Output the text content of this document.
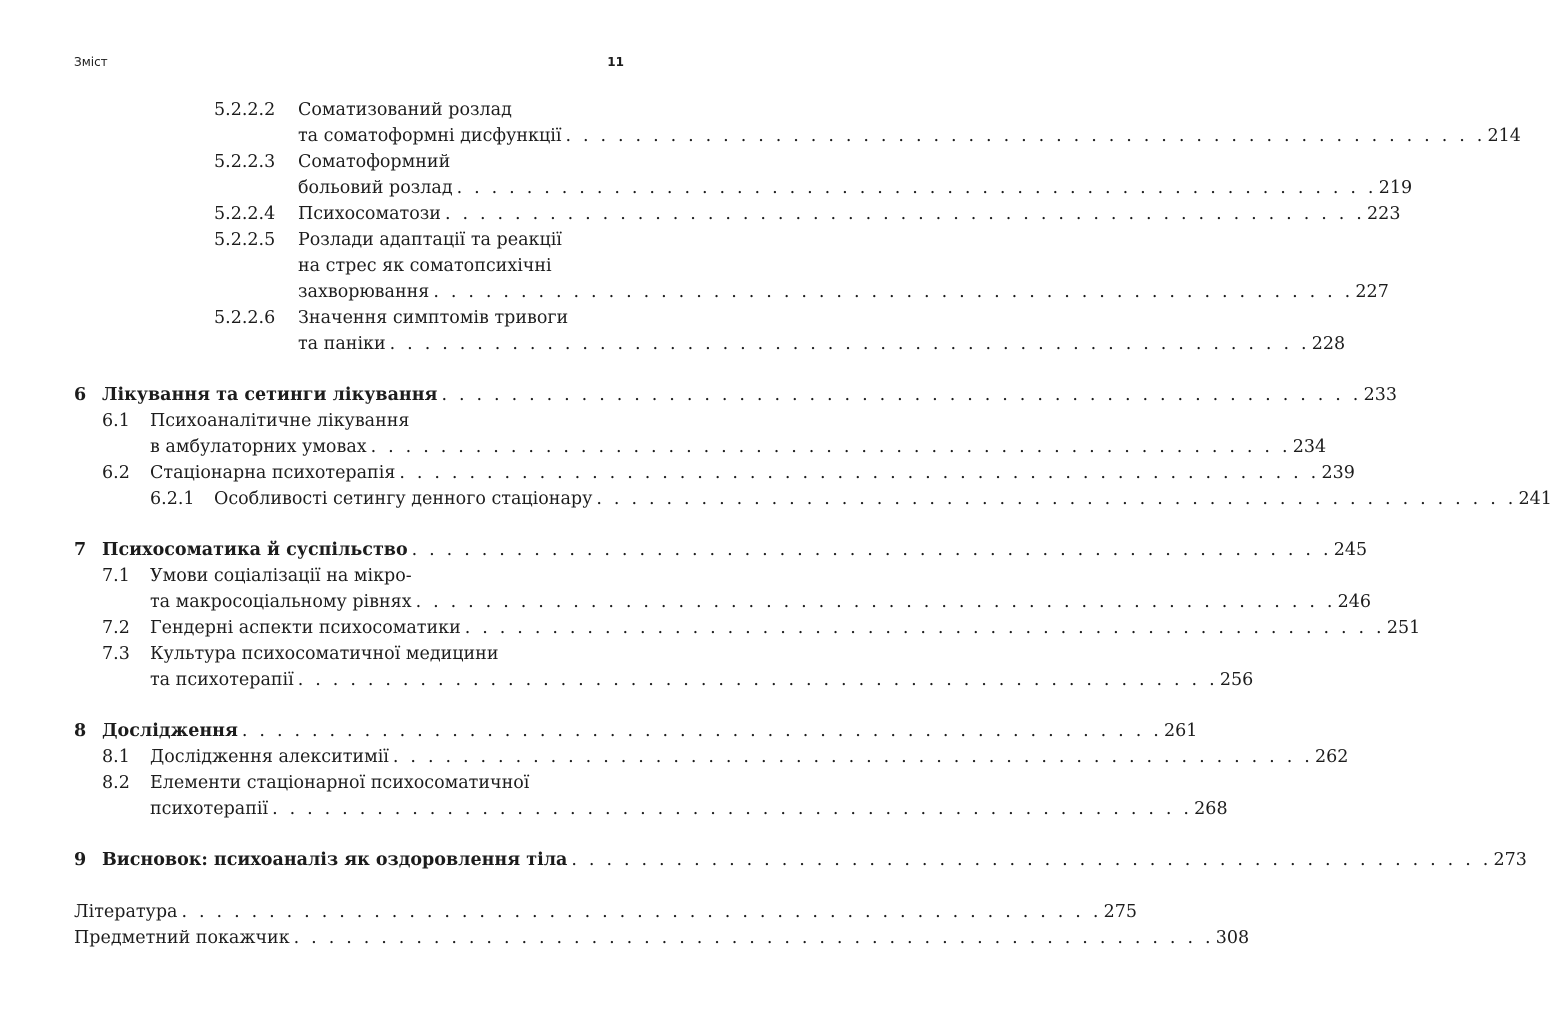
Зміст	11
5.2.2.2 Соматизований розлад
та соматоформні дисфункції . . . . . . . . . . . . . . . . . . . . . . . . . . . . . . . . . . . . . . . . . . . . . . . . . . . . . 214
5.2.2.3 Соматоформний
больовий розлад . . . . . . . . . . . . . . . . . . . . . . . . . . . . . . . . . . . . . . . . . . . . . . . . . . . . . 219
5.2.2.4 Психосоматози . . . . . . . . . . . . . . . . . . . . . . . . . . . . . . . . . . . . . . . . . . . . . . . . . . . . . 223
5.2.2.5 Розлади адаптації та реакції
на стрес як соматопсихічні
захворювання . . . . . . . . . . . . . . . . . . . . . . . . . . . . . . . . . . . . . . . . . . . . . . . . . . . . . 227
5.2.2.6 Значення симптомів тривоги
та паніки . . . . . . . . . . . . . . . . . . . . . . . . . . . . . . . . . . . . . . . . . . . . . . . . . . . . . 228
6 Лікування та сетинги лікування . . . . . . . . . . . . . . . . . . . . . . . . . . . . . . . . . . . . . . . . . . . . . . . . . . . . . 233
6.1 Психоаналітичне лікування
в амбулаторних умовах . . . . . . . . . . . . . . . . . . . . . . . . . . . . . . . . . . . . . . . . . . . . . . . . . . . . . 234
6.2 Стаціонарна психотерапія . . . . . . . . . . . . . . . . . . . . . . . . . . . . . . . . . . . . . . . . . . . . . . . . . . . . . 239
6.2.1 Особливості сетингу денного стаціонару . . . . . . . . . . . . . . . . . . . . . . . . . . . . . . . . . . . . . . . . . . . . . . . . . . . . . 241
7 Психосоматика й суспільство . . . . . . . . . . . . . . . . . . . . . . . . . . . . . . . . . . . . . . . . . . . . . . . . . . . . . 245
7.1 Умови соціалізації на мікро-
та макросоціальному рівнях . . . . . . . . . . . . . . . . . . . . . . . . . . . . . . . . . . . . . . . . . . . . . . . . . . . . . 246
7.2 Гендерні аспекти психосоматики . . . . . . . . . . . . . . . . . . . . . . . . . . . . . . . . . . . . . . . . . . . . . . . . . . . . . 251
7.3 Культура психосоматичної медицини
та психотерапії . . . . . . . . . . . . . . . . . . . . . . . . . . . . . . . . . . . . . . . . . . . . . . . . . . . . . 256
8 Дослідження . . . . . . . . . . . . . . . . . . . . . . . . . . . . . . . . . . . . . . . . . . . . . . . . . . . . . 261
8.1 Дослідження алекситимії . . . . . . . . . . . . . . . . . . . . . . . . . . . . . . . . . . . . . . . . . . . . . . . . . . . . . 262
8.2 Елементи стаціонарної психосоматичної
психотерапії . . . . . . . . . . . . . . . . . . . . . . . . . . . . . . . . . . . . . . . . . . . . . . . . . . . . . 268
9 Висновок: психоаналіз як оздоровлення тіла . . . . . . . . . . . . . . . . . . . . . . . . . . . . . . . . . . . . . . . . . . . . . . . . . . . . . 273
Література . . . . . . . . . . . . . . . . . . . . . . . . . . . . . . . . . . . . . . . . . . . . . . . . . . . . . 275
Предметний покажчик . . . . . . . . . . . . . . . . . . . . . . . . . . . . . . . . . . . . . . . . . . . . . . . . . . . . . 308
